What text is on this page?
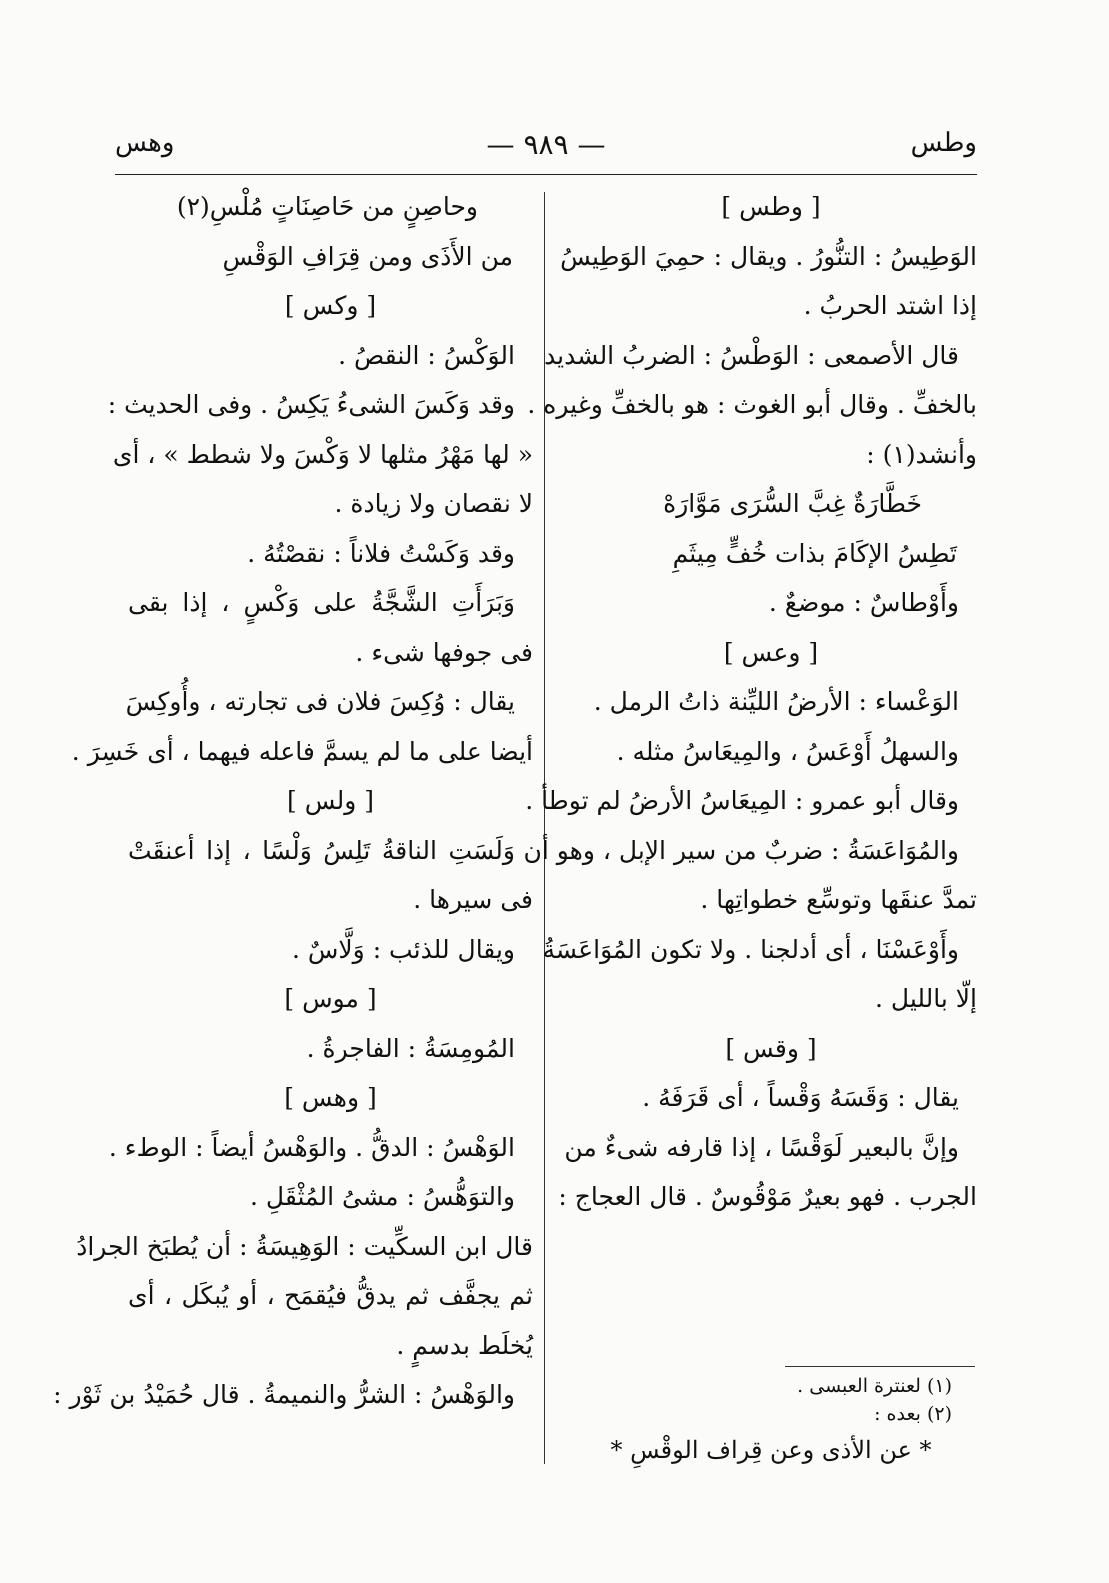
وطس
— ٩٨٩ —
وهس
[ وطس ]
الوَطِيسُ : التنُّورُ . ويقال : حمِيَ الوَطِيسُ
إذا اشتد الحربُ .
قال الأصمعى : الوَطْسُ : الضربُ الشديد
بالخفِّ . وقال أبو الغوث : هو بالخفِّ وغيره .
وأنشد(١) :
خَطَّارَةٌ غِبَّ السُّرَى مَوَّارَهْ
تَطِسُ الإكَامَ بذات خُفٍّ مِيثَمِ
وأَوْطاسٌ : موضعٌ .
[ وعس ]
الوَعْساء : الأرضُ الليِّنة ذاتُ الرمل .
والسهلُ أَوْعَسُ ، والمِيعَاسُ مثله .
وقال أبو عمرو : المِيعَاسُ الأرضُ لم توطأ .
والمُوَاعَسَةُ : ضربٌ من سير الإبل ، وهو أن
تمدَّ عنقَها وتوسِّع خطواتِها .
وأَوْعَسْنَا ، أى أدلجنا . ولا تكون المُوَاعَسَةُ
إلّا بالليل .
[ وقس ]
يقال : وَقَسَهُ وَقْساً ، أى قَرَفَهُ .
وإنَّ بالبعير لَوَقْسًا ، إذا قارفه شىءٌ من
الجرب . فهو بعيرٌ مَوْقُوسٌ . قال العجاج :
وحاصِنٍ من حَاصِنَاتٍ مُلْسِ(٢)
من الأَذَى ومن قِرَافِ الوَقْسِ
[ وكس ]
الوَكْسُ : النقصُ .
وقد وَكَسَ الشىءُ يَكِسُ . وفى الحديث :
« لها مَهْرُ مثلها لا وَكْسَ ولا شطط » ، أى
لا نقصان ولا زيادة .
وقد وَكَسْتُ فلاناً : نقصْتُهُ .
وَبَرَأَتِ الشَّجَّةُ على وَكْسٍ ، إذا بقى
فى جوفها شىء .
يقال : وُكِسَ فلان فى تجارته ، وأُوكِسَ
أيضا على ما لم يسمَّ فاعله فيهما ، أى خَسِرَ .
[ ولس ]
وَلَسَتِ الناقةُ تَلِسُ وَلْسًا ، إذا أعنقَتْ
فى سيرها .
ويقال للذئب : وَلَّاسٌ .
[ موس ]
المُومِسَةُ : الفاجرةُ .
[ وهس ]
الوَهْسُ : الدقُّ . والوَهْسُ أيضاً : الوطء .
والتوَهُّسُ : مشىُ المُثْقَلِ .
قال ابن السكِّيت : الوَهِيسَةُ : أن يُطبَخ الجرادُ
ثم يجفَّف ثم يدقُّ فيُقمَح ، أو يُبكَل ، أى
يُخلَط بدسمٍ .
والوَهْسُ : الشرُّ والنميمةُ . قال حُمَيْدُ بن ثَوْر :	(١) لعنترة العبسى .
(٢) بعده :
* عن الأذى وعن قِراف الوقْسِ *
